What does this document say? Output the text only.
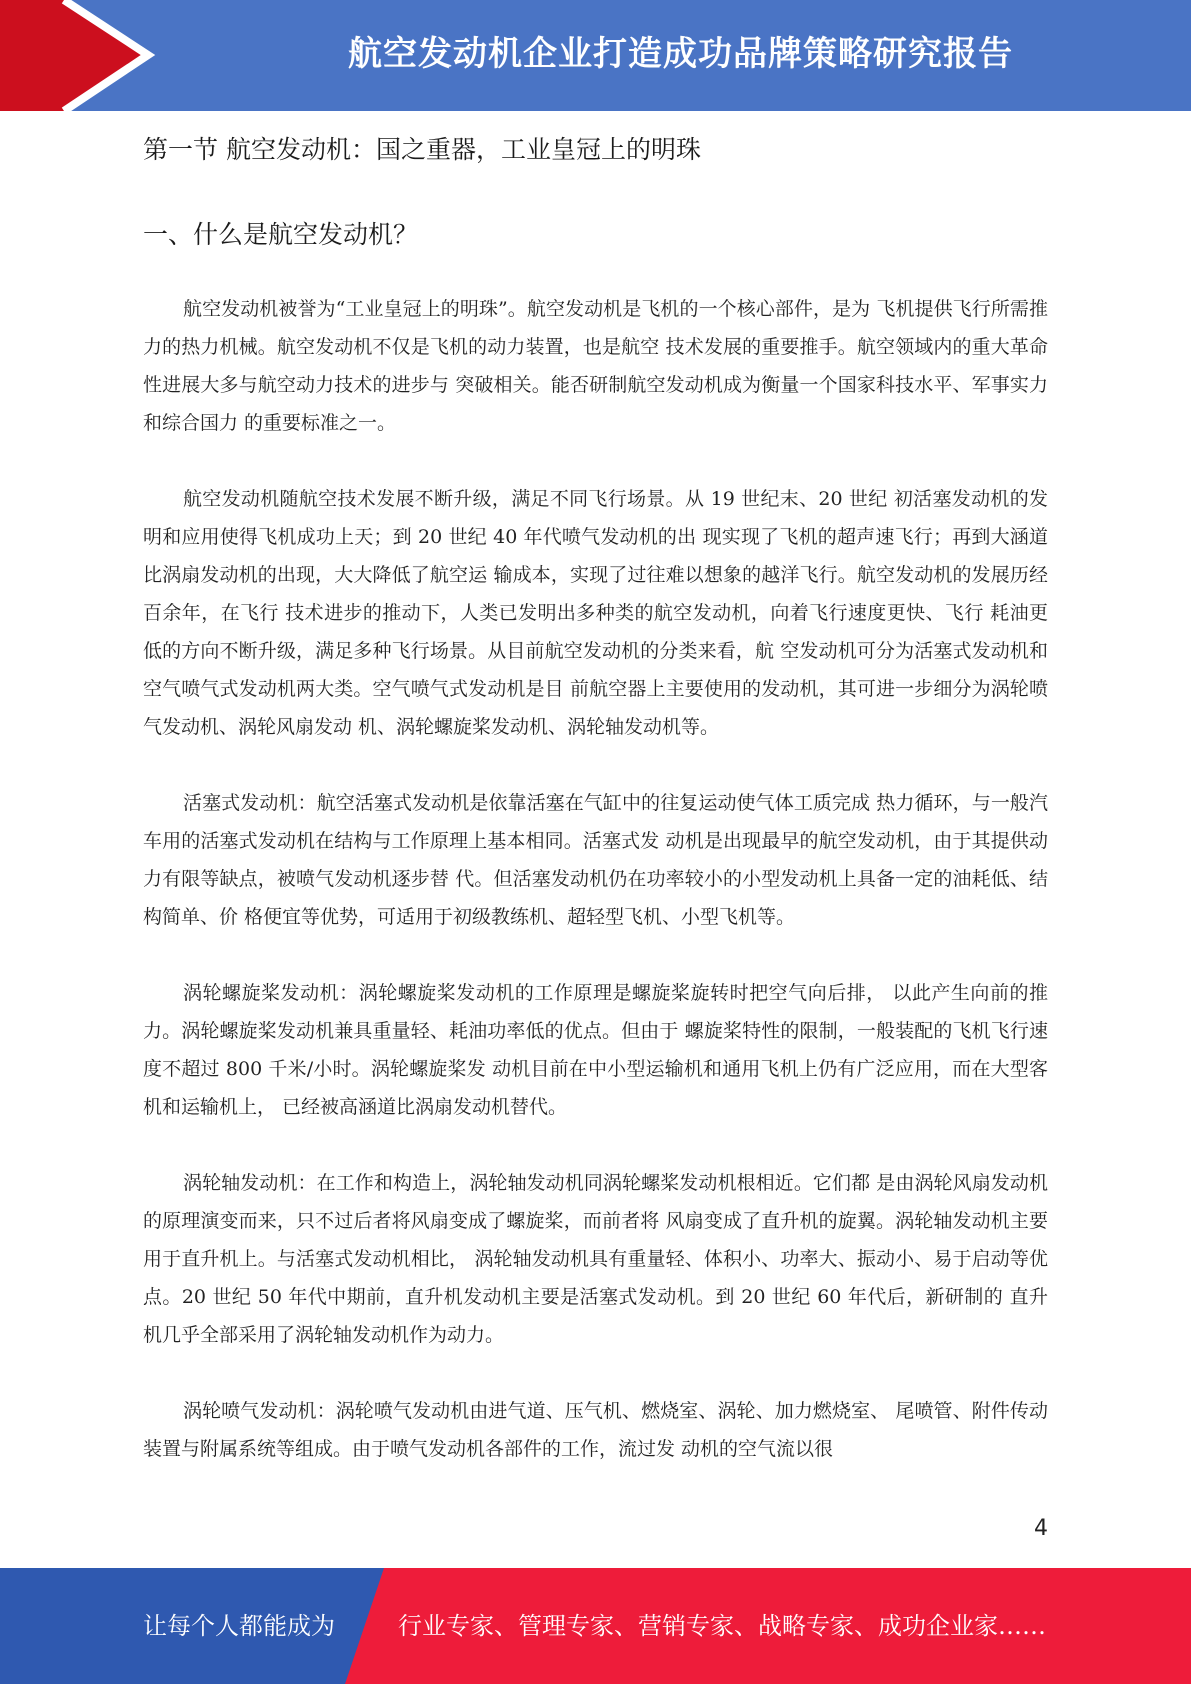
航空发动机企业打造成功品牌策略研究报告
第一节 航空发动机：国之重器，工业皇冠上的明珠
一、什么是航空发动机？

航空发动机被誉为“工业皇冠上的明珠”。航空发动机是飞机的一个核心部件，是为 飞机提供飞行所需推力的热力机械。航空发动机不仅是飞机的动力装置，也是航空 技术发展的重要推手。航空领域内的重大革命性进展大多与航空动力技术的进步与 突破相关。能否研制航空发动机成为衡量一个国家科技水平、军事实力和综合国力 的重要标准之一。

航空发动机随航空技术发展不断升级，满足不同飞行场景。从 19 世纪末、20 世纪 初活塞发动机的发明和应用使得飞机成功上天；到 20 世纪 40 年代喷气发动机的出 现实现了飞机的超声速飞行；再到大涵道比涡扇发动机的出现，大大降低了航空运 输成本，实现了过往难以想象的越洋飞行。航空发动机的发展历经百余年，在飞行 技术进步的推动下，人类已发明出多种类的航空发动机，向着飞行速度更快、飞行 耗油更低的方向不断升级，满足多种飞行场景。从目前航空发动机的分类来看，航 空发动机可分为活塞式发动机和空气喷气式发动机两大类。空气喷气式发动机是目 前航空器上主要使用的发动机，其可进一步细分为涡轮喷气发动机、涡轮风扇发动 机、涡轮螺旋桨发动机、涡轮轴发动机等。

活塞式发动机：航空活塞式发动机是依靠活塞在气缸中的往复运动使气体工质完成 热力循环，与一般汽车用的活塞式发动机在结构与工作原理上基本相同。活塞式发 动机是出现最早的航空发动机，由于其提供动力有限等缺点，被喷气发动机逐步替 代。但活塞发动机仍在功率较小的小型发动机上具备一定的油耗低、结构简单、价 格便宜等优势，可适用于初级教练机、超轻型飞机、小型飞机等。

涡轮螺旋桨发动机：涡轮螺旋桨发动机的工作原理是螺旋桨旋转时把空气向后排， 以此产生向前的推力。涡轮螺旋桨发动机兼具重量轻、耗油功率低的优点。但由于 螺旋桨特性的限制，一般装配的飞机飞行速度不超过 800 千米/小时。涡轮螺旋桨发 动机目前在中小型运输机和通用飞机上仍有广泛应用，而在大型客机和运输机上， 已经被高涵道比涡扇发动机替代。

涡轮轴发动机：在工作和构造上，涡轮轴发动机同涡轮螺桨发动机根相近。它们都 是由涡轮风扇发动机的原理演变而来，只不过后者将风扇变成了螺旋桨，而前者将 风扇变成了直升机的旋翼。涡轮轴发动机主要用于直升机上。与活塞式发动机相比， 涡轮轴发动机具有重量轻、体积小、功率大、振动小、易于启动等优点。20 世纪 50 年代中期前，直升机发动机主要是活塞式发动机。到 20 世纪 60 年代后，新研制的 直升机几乎全部采用了涡轮轴发动机作为动力。

涡轮喷气发动机：涡轮喷气发动机由进气道、压气机、燃烧室、涡轮、加力燃烧室、 尾喷管、附件传动装置与附属系统等组成。由于喷气发动机各部件的工作，流过发 动机的空气流以很

4
让每个人都能成为	行业专家、管理专家、营销专家、战略专家、成功企业家……
